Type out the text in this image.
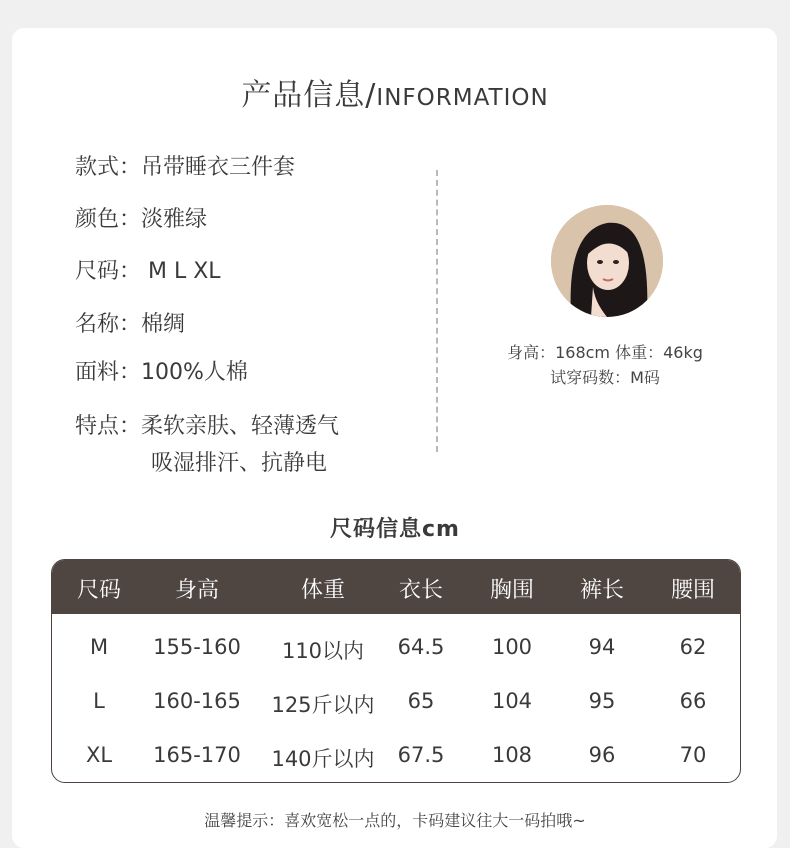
产品信息/INFORMATION
款式：吊带睡衣三件套
颜色：淡雅绿
尺码： M L XL
名称：棉绸
面料：100%人棉
特点：柔软亲肤、轻薄透气
吸湿排汗、抗静电
身高：168cm 体重：46kg
试穿码数：M码
尺码信息cm
尺码 身高	体重 衣长 胸围 裤长 腰围
M 155-160 110以内 64.5 100	94	62
L 160-165 125斤以内 65	104	95	66
XL 165-170 140斤以内 67.5 108	96	70
温馨提示：喜欢宽松一点的，卡码建议往大一码拍哦~
